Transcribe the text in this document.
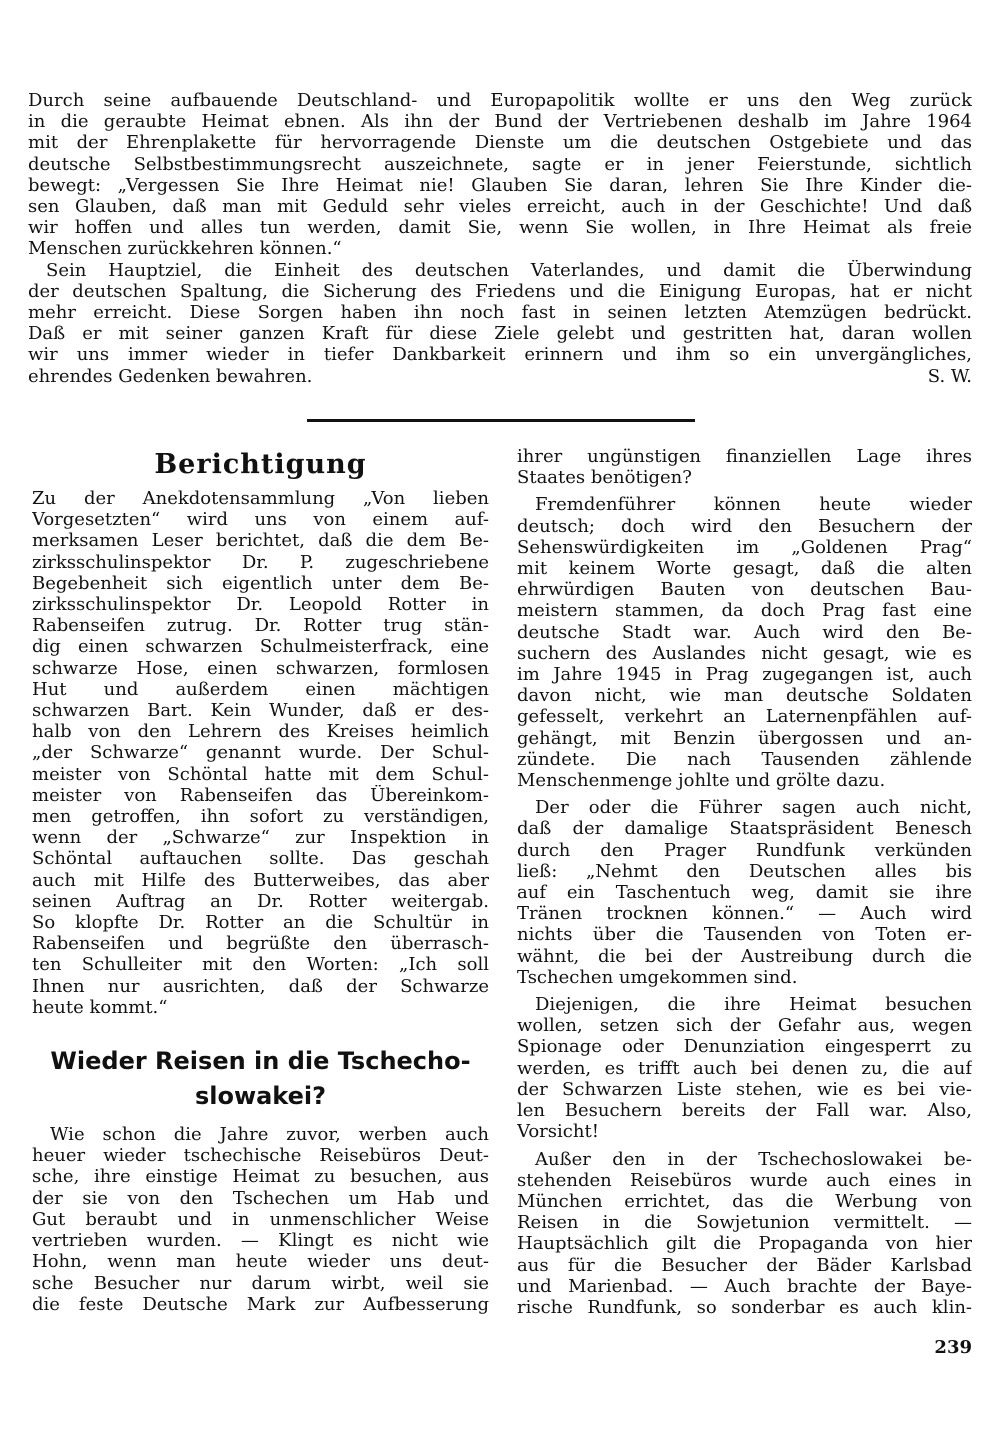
Durch seine aufbauende Deutschland- und Europapolitik wollte er uns den Weg zurück
in die geraubte Heimat ebnen. Als ihn der Bund der Vertriebenen deshalb im Jahre 1964
mit der Ehrenplakette für hervorragende Dienste um die deutschen Ostgebiete und das
deutsche Selbstbestimmungsrecht auszeichnete, sagte er in jener Feierstunde, sichtlich
bewegt: „Vergessen Sie Ihre Heimat nie! Glauben Sie daran, lehren Sie Ihre Kinder die-
sen Glauben, daß man mit Geduld sehr vieles erreicht, auch in der Geschichte! Und daß
wir hoffen und alles tun werden, damit Sie, wenn Sie wollen, in Ihre Heimat als freie
Menschen zurückkehren können.“
Sein Hauptziel, die Einheit des deutschen Vaterlandes, und damit die Überwindung
der deutschen Spaltung, die Sicherung des Friedens und die Einigung Europas, hat er nicht
mehr erreicht. Diese Sorgen haben ihn noch fast in seinen letzten Atemzügen bedrückt.
Daß er mit seiner ganzen Kraft für diese Ziele gelebt und gestritten hat, daran wollen
wir uns immer wieder in tiefer Dankbarkeit erinnern und ihm so ein unvergängliches,
ehrendes Gedenken bewahren.	S. W.
Berichtigung
Zu der Anekdotensammlung „Von lieben
Vorgesetzten“ wird uns von einem auf-
merksamen Leser berichtet, daß die dem Be-
zirksschulinspektor Dr. P. zugeschriebene
Begebenheit sich eigentlich unter dem Be-
zirksschulinspektor Dr. Leopold Rotter in
Rabenseifen zutrug. Dr. Rotter trug stän-
dig einen schwarzen Schulmeisterfrack, eine
schwarze Hose, einen schwarzen, formlosen
Hut und außerdem einen mächtigen
schwarzen Bart. Kein Wunder, daß er des-
halb von den Lehrern des Kreises heimlich
„der Schwarze“ genannt wurde. Der Schul-
meister von Schöntal hatte mit dem Schul-
meister von Rabenseifen das Übereinkom-
men getroffen, ihn sofort zu verständigen,
wenn der „Schwarze“ zur Inspektion in
Schöntal auftauchen sollte. Das geschah
auch mit Hilfe des Butterweibes, das aber
seinen Auftrag an Dr. Rotter weitergab.
So klopfte Dr. Rotter an die Schultür in
Rabenseifen und begrüßte den überrasch-
ten Schulleiter mit den Worten: „Ich soll
Ihnen nur ausrichten, daß der Schwarze
heute kommt.“
Wieder Reisen in die Tschecho-
slowakei?
Wie schon die Jahre zuvor, werben auch
heuer wieder tschechische Reisebüros Deut-
sche, ihre einstige Heimat zu besuchen, aus
der sie von den Tschechen um Hab und
Gut beraubt und in unmenschlicher Weise
vertrieben wurden. — Klingt es nicht wie
Hohn, wenn man heute wieder uns deut-
sche Besucher nur darum wirbt, weil sie
die feste Deutsche Mark zur Aufbesserung
ihrer ungünstigen finanziellen Lage ihres
Staates benötigen?
Fremdenführer können heute wieder
deutsch; doch wird den Besuchern der
Sehenswürdigkeiten im „Goldenen Prag“
mit keinem Worte gesagt, daß die alten
ehrwürdigen Bauten von deutschen Bau-
meistern stammen, da doch Prag fast eine
deutsche Stadt war. Auch wird den Be-
suchern des Auslandes nicht gesagt, wie es
im Jahre 1945 in Prag zugegangen ist, auch
davon nicht, wie man deutsche Soldaten
gefesselt, verkehrt an Laternenpfählen auf-
gehängt, mit Benzin übergossen und an-
zündete. Die nach Tausenden zählende
Menschenmenge johlte und grölte dazu.
Der oder die Führer sagen auch nicht,
daß der damalige Staatspräsident Benesch
durch den Prager Rundfunk verkünden
ließ: „Nehmt den Deutschen alles bis
auf ein Taschentuch weg, damit sie ihre
Tränen trocknen können.“ — Auch wird
nichts über die Tausenden von Toten er-
wähnt, die bei der Austreibung durch die
Tschechen umgekommen sind.
Diejenigen, die ihre Heimat besuchen
wollen, setzen sich der Gefahr aus, wegen
Spionage oder Denunziation eingesperrt zu
werden, es trifft auch bei denen zu, die auf
der Schwarzen Liste stehen, wie es bei vie-
len Besuchern bereits der Fall war. Also,
Vorsicht!
Außer den in der Tschechoslowakei be-
stehenden Reisebüros wurde auch eines in
München errichtet, das die Werbung von
Reisen in die Sowjetunion vermittelt. —
Hauptsächlich gilt die Propaganda von hier
aus für die Besucher der Bäder Karlsbad
und Marienbad. — Auch brachte der Baye-
rische Rundfunk, so sonderbar es auch klin-
239
